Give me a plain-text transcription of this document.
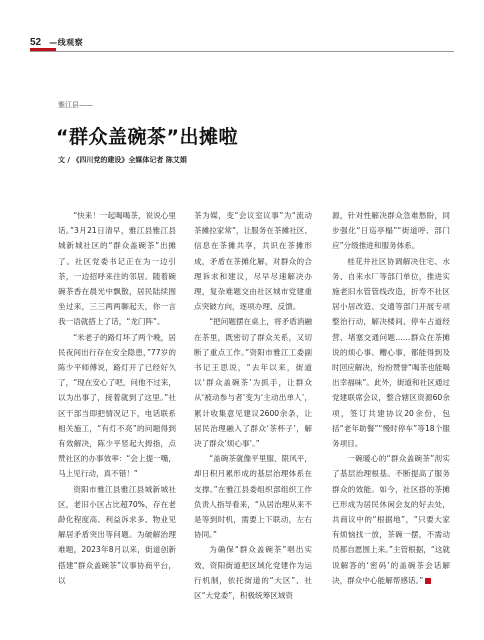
52 —线观察
雅江县——
“群众盖碗茶”出摊啦
文 / 《四川党的建设》全媒体记者 陈艾娟

“快来！一起喝喝茶，说说心里话。”3月21日清早，雅江县雅江县城新城社区的“群众盖碗茶”出摊了。社区党委书记正在为一边引茶，一边招呼来往的邻居。随着碗碗茶香在晨光中飘散，居民陆续围坐过来，三三两两聊起天，你一言我一语就搭上了话，“龙门阵”。

“米老子的路灯坏了两个晚，居民夜间出行存在安全隐患，”77岁的陈少平师傅说，路灯开了已经好久了，“现在安心了吧，问他不过来，以为出事了，接着就到了这里。”社区干部当即把情况记下，电话联系相关施工，“有灯不亮”的问题得到有效解决，陈少平竖起大拇指，点赞社区的办事效率：“会上提一嘴，马上见行动，真不错！”

资阳市雅江县雅江县城新城社区，老旧小区占比超70%，存在老龄化程度高、利益诉求多、物业见解居矛盾突出等问题。为破解治理难题，2023年8月以来，街道创新搭建“群众盖碗茶”议事协商平台，以

茶为媒，变“会议室议事”为“流动茶摊拉家常”，让服务在茶摊社区、信息在茶摊共享，共识在茶摊形成，矛盾在茶摊化解，对群众的合理诉求和建议，尽早尽速解决办理，复杂难题交由社区城市党建重点突破方向，逐项办理、反馈。

“把问题摆在桌上，将矛盾消融在茶里，既密切了群众关系，又切断了重点工作。”资阳市雅江工委副书记王思说，“去年以来，街道以‘群众盖碗茶’为抓手，让群众从‘被动参与者’变为‘主动出单人’，累计收集意见建议2600余条，让居民治理融入了群众‘茶杯子’，解决了群众‘烦心事’。”

“盖碗茶就像平里服、限风平，却日积月累形成的基层治理体系在支撑。”在雅江县委组织部组织工作负责人指导看来，“从居治理从来不是等到时机，需要上下联动，左右协同。”

为确保“群众盖碗茶”唱出实效，资阳街道把区域化党建作为运行机制，依托街道的“大区”、社区“大党委”，积极统筹区域资

源，针对性解决群众急难愁盼，同步强化“日巡亭榻”“街道呼、部门应”分级推进和服务体系。

桂花井社区协调解决住宅、水务、自来水厂等部门单位，推进实施老旧水管管线改造，折寿不社区居小居改造、交通等部门开展专项整治行动，解决楼间、停车占道经营、堵塞交通问题……群众在茶摊说的烦心事、糟心事，都能得到及时回应解决，纷纷赞誉“喝茶也能喝出幸福味”。此外，街道和社区通过党建联席会议，整合辖区资源60余项，签订共建协议20余份，包括“老年助餐”“慢时停车”等18个服务项目。

一碗暖心的“群众盖碗茶”沏实了基层治理根基。不断提高了服务群众的效能。如今，社区搭的茶摊已形成为居民休闲会友的好去处，共商议中的“根据地”，“只要大家有烦恼找一放，茶碗一摆，不需动员都自愿围上来。”主管根据，“这就说解答的‘密码’的盖碗茶会话解决，群众中心能解帮感话。”
